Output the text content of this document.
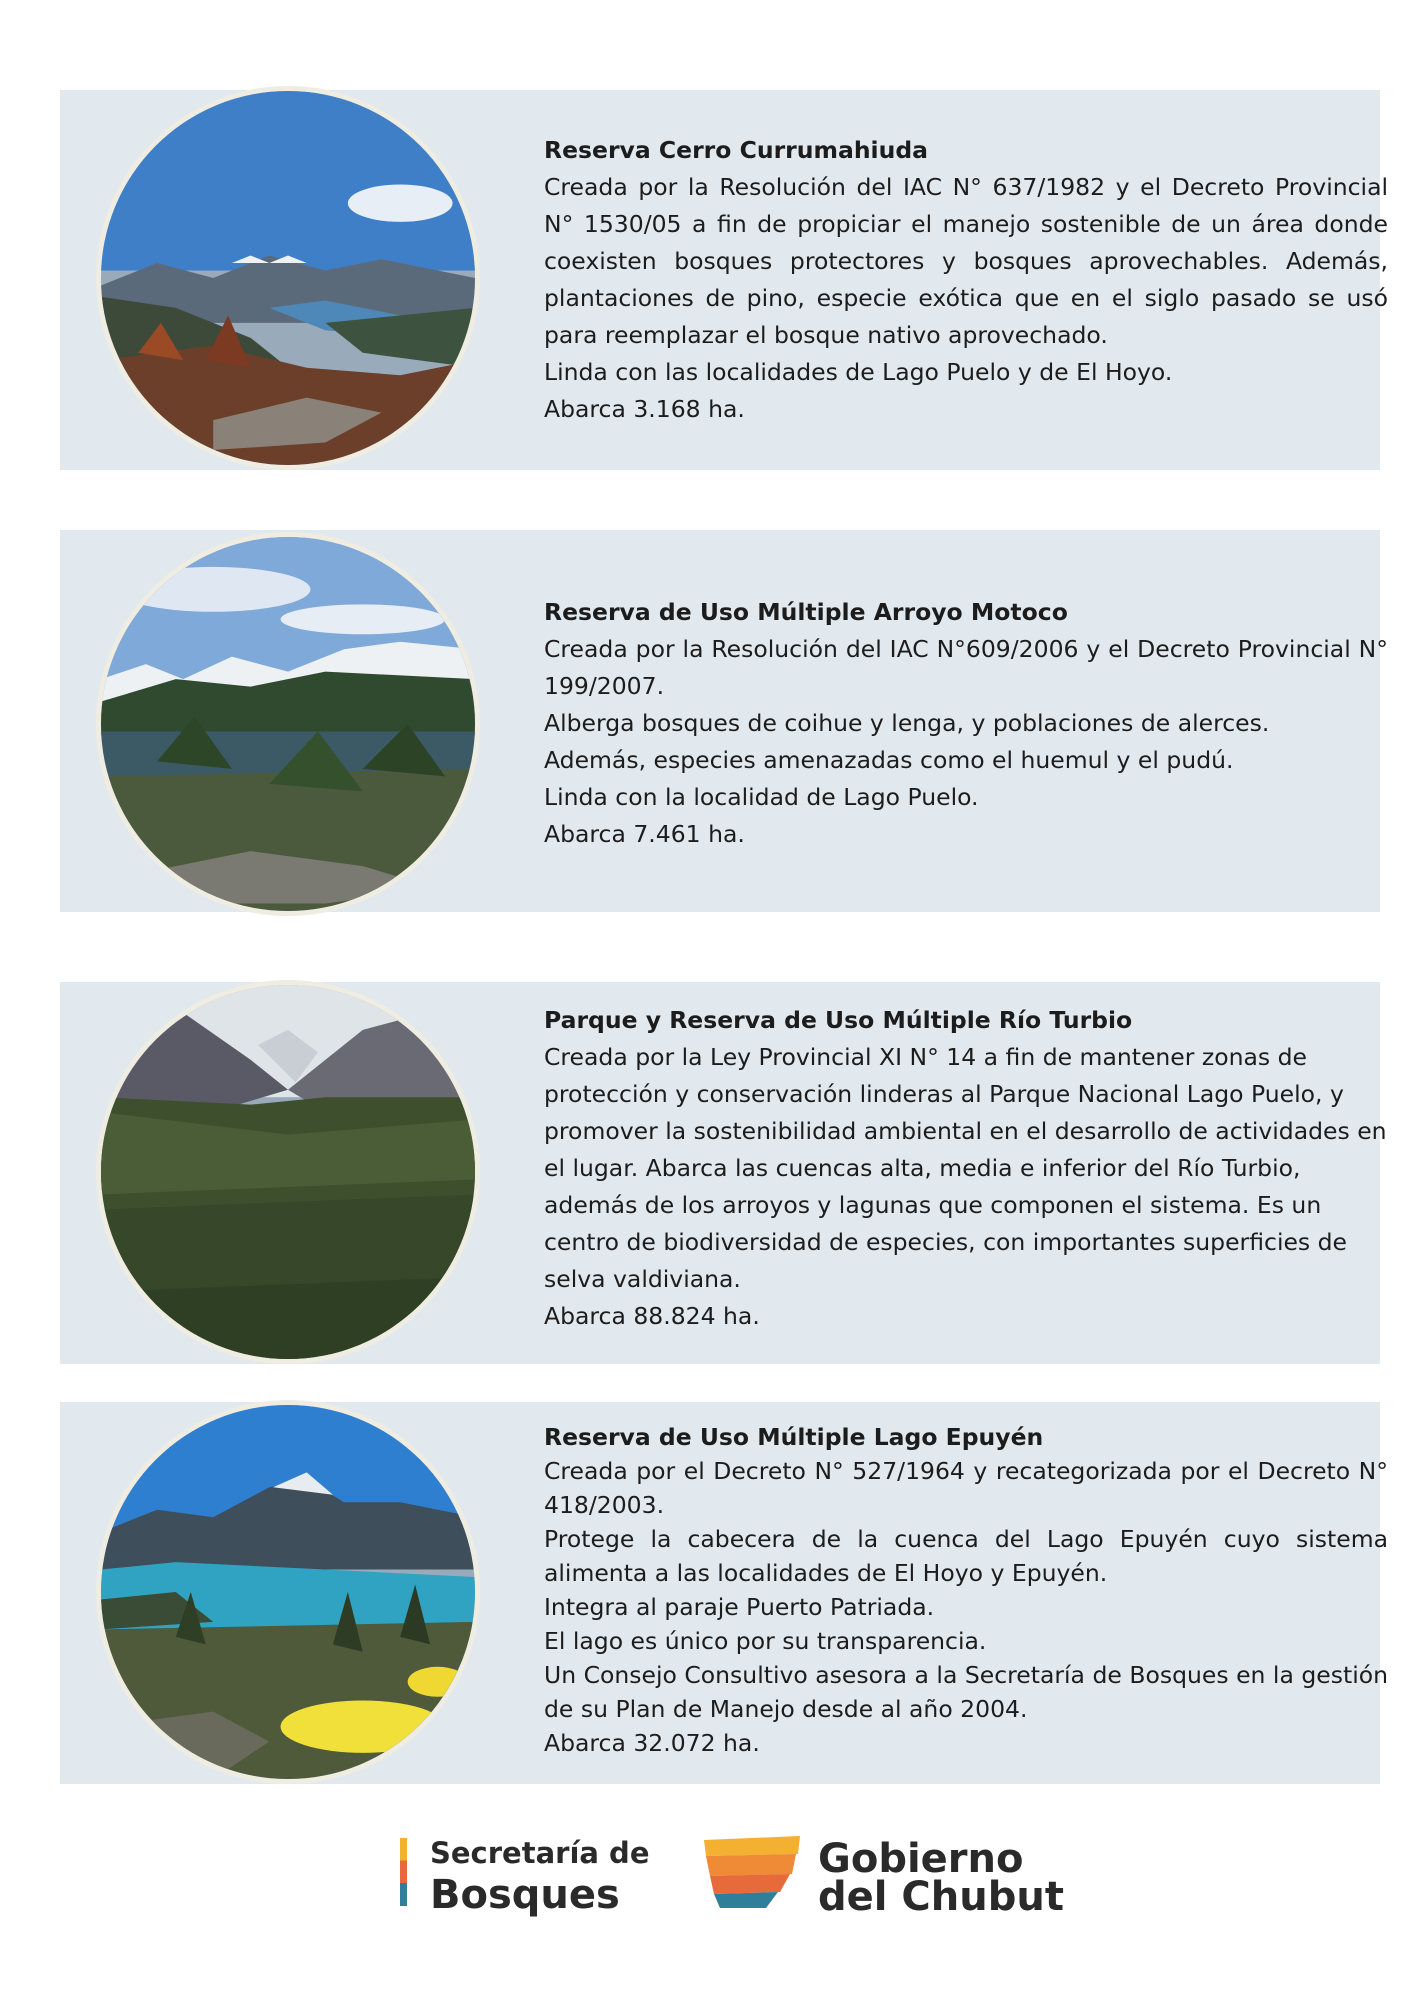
Reserva Cerro Currumahiuda

Creada por la Resolución del IAC N° 637/1982 y el Decreto Provincial N° 1530/05 a fin de propiciar el manejo sostenible de un área donde coexisten bosques protectores y bosques aprovechables. Además, plantaciones de pino, especie exótica que en el siglo pasado se usó para reemplazar el bosque nativo aprovechado.

Linda con las localidades de Lago Puelo y de El Hoyo.

Abarca 3.168 ha.

Reserva de Uso Múltiple Arroyo Motoco

Creada por la Resolución del IAC N°609/2006 y el Decreto Provincial N° 199/2007.

Alberga bosques de coihue y lenga, y poblaciones de alerces.

Además, especies amenazadas como el huemul y el pudú.

Linda con la localidad de Lago Puelo.

Abarca 7.461 ha.

Parque y Reserva de Uso Múltiple Río Turbio

Creada por la Ley Provincial XI N° 14 a fin de mantener zonas de protección y conservación linderas al Parque Nacional Lago Puelo, y promover la sostenibilidad ambiental en el desarrollo de actividades en el lugar. Abarca las cuencas alta, media e inferior del Río Turbio, además de los arroyos y lagunas que componen el sistema. Es un centro de biodiversidad de especies, con importantes superficies de selva valdiviana.

Abarca 88.824 ha.

Reserva de Uso Múltiple Lago Epuyén

Creada por el Decreto N° 527/1964 y recategorizada por el Decreto N° 418/2003.

Protege la cabecera de la cuenca del Lago Epuyén cuyo sistema alimenta a las localidades de El Hoyo y Epuyén.

Integra al paraje Puerto Patriada.

El lago es único por su transparencia.

Un Consejo Consultivo asesora a la Secretaría de Bosques en la gestión de su Plan de Manejo desde al año 2004.

Abarca 32.072 ha.

Secretaría de
Bosques
Gobierno
del Chubut
